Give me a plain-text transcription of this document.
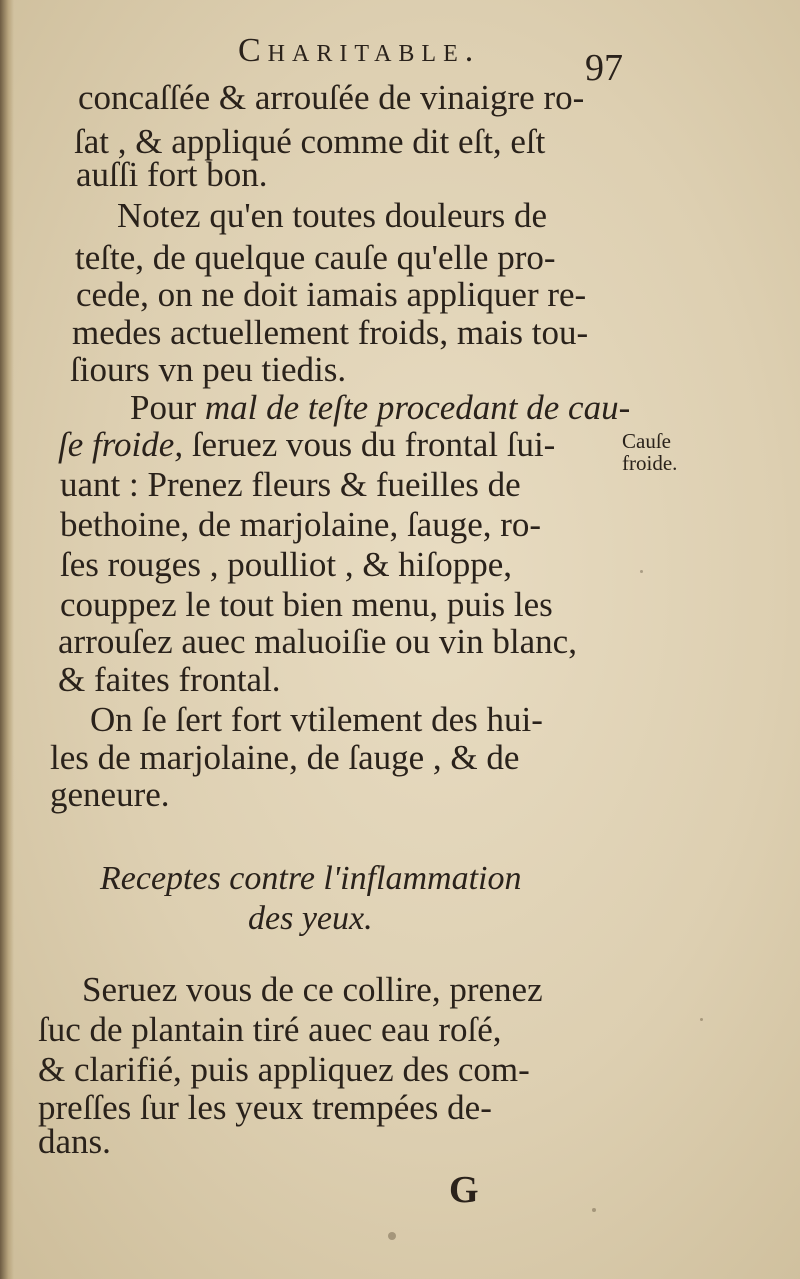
Charitable.	97
concaſſée & arrouſée de vinaigre ro-
ſat , & appliqué comme dit eſt, eſt
auſſi fort bon.
Notez qu'en toutes douleurs de
teſte, de quelque cauſe qu'elle pro-
cede, on ne doit iamais appliquer re-
medes actuellement froids, mais tou-
ſiours vn peu tiedis.
Pour mal de teſte procedant de cau-
ſe froide, ſeruez vous du frontal ſui-
uant : Prenez fleurs & fueilles de
bethoine, de marjolaine, ſauge, ro-
ſes rouges , poulliot , & hiſoppe,
couppez le tout bien menu, puis les
arrouſez auec maluoiſie ou vin blanc,
& faites frontal.
On ſe ſert fort vtilement des hui-
les de marjolaine, de ſauge , & de
geneure.
Cauſe
froide.
Receptes contre l'inflammation
des yeux.
Seruez vous de ce collire, prenez
ſuc de plantain tiré auec eau roſé,
& clarifié, puis appliquez des com-
preſſes ſur les yeux trempées de-
dans.
G
